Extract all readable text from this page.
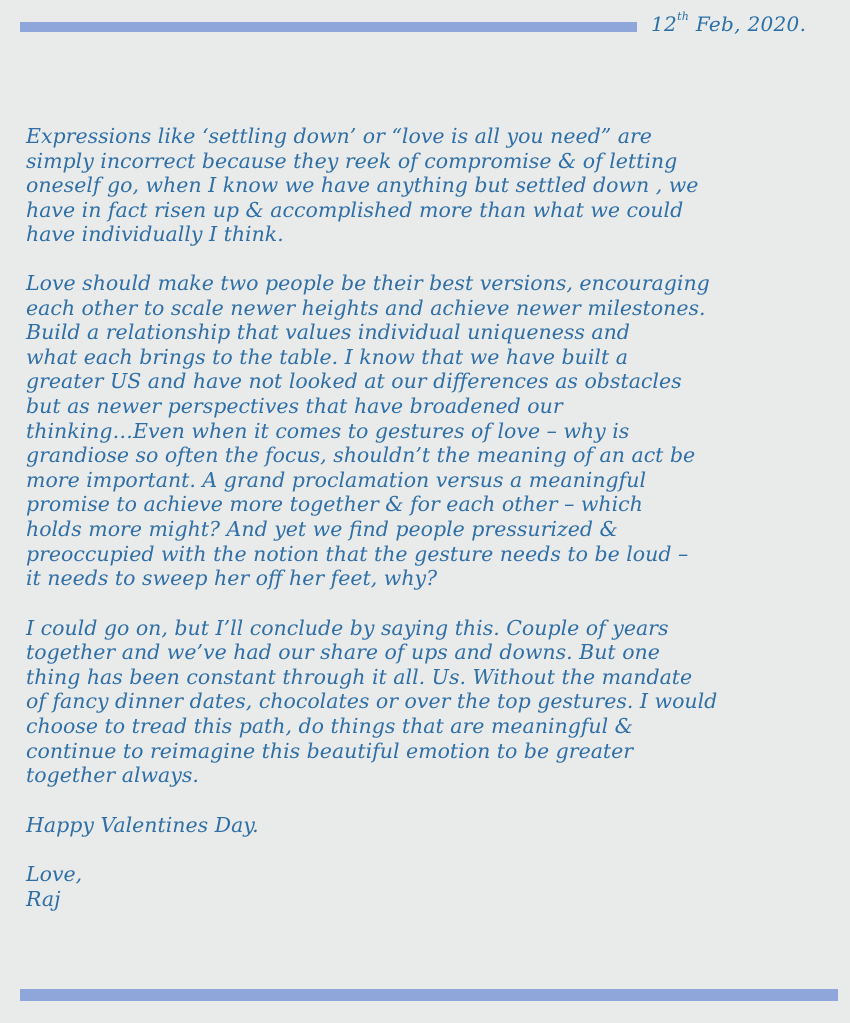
12th Feb, 2020.

Expressions like ‘settling down’ or “love is all you need” are
simply incorrect because they reek of compromise & of letting
oneself go, when I know we have anything but settled down , we
have in fact risen up & accomplished more than what we could
have individually I think.

Love should make two people be their best versions, encouraging
each other to scale newer heights and achieve newer milestones.
Build a relationship that values individual uniqueness and
what each brings to the table. I know that we have built a
greater US and have not looked at our differences as obstacles
but as newer perspectives that have broadened our
thinking…Even when it comes to gestures of love – why is
grandiose so often the focus, shouldn’t the meaning of an act be
more important. A grand proclamation versus a meaningful
promise to achieve more together & for each other – which
holds more might? And yet we find people pressurized &
preoccupied with the notion that the gesture needs to be loud –
it needs to sweep her off her feet, why?

I could go on, but I’ll conclude by saying this. Couple of years
together and we’ve had our share of ups and downs. But one
thing has been constant through it all. Us. Without the mandate
of fancy dinner dates, chocolates or over the top gestures. I would
choose to tread this path, do things that are meaningful &
continue to reimagine this beautiful emotion to be greater
together always.

Happy Valentines Day.

Love,
Raj
